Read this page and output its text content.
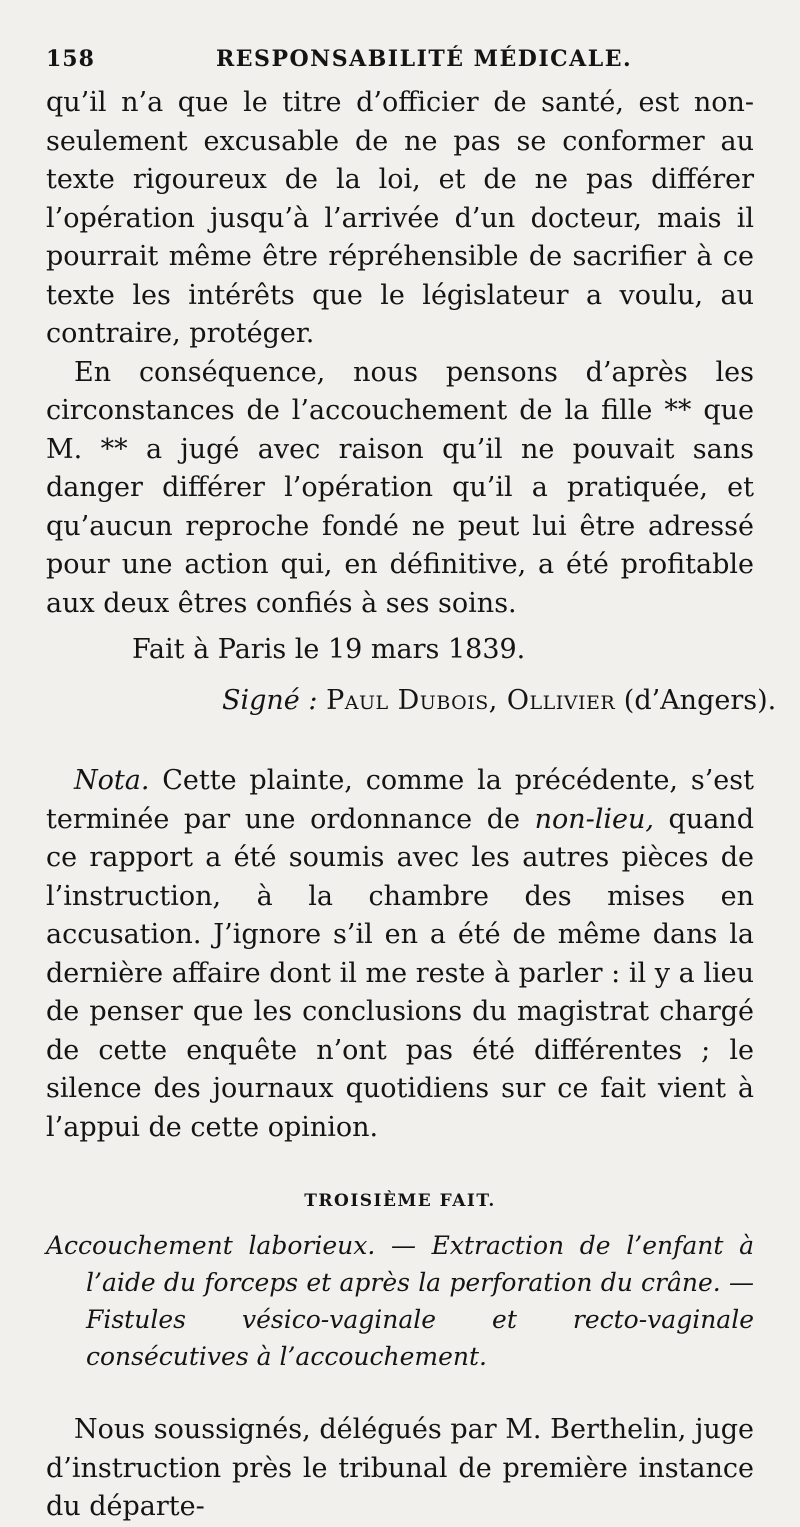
158	RESPONSABILITÉ MÉDICALE.

qu’il n’a que le titre d’officier de santé, est non-seulement excusable de ne pas se conformer au texte rigoureux de la loi, et de ne pas différer l’opération jusqu’à l’arrivée d’un docteur, mais il pourrait même être répréhensible de sacrifier à ce texte les intérêts que le législateur a voulu, au contraire, protéger.

En conséquence, nous pensons d’après les circonstances de l’accouchement de la fille ** que M. ** a jugé avec raison qu’il ne pouvait sans danger différer l’opération qu’il a pratiquée, et qu’aucun reproche fondé ne peut lui être adressé pour une action qui, en définitive, a été profitable aux deux êtres confiés à ses soins.

Fait à Paris le 19 mars 1839.
Signé : Paul Dubois, Ollivier (d’Angers).

Nota. Cette plainte, comme la précédente, s’est terminée par une ordonnance de non-lieu, quand ce rapport a été soumis avec les autres pièces de l’instruction, à la chambre des mises en accusation. J’ignore s’il en a été de même dans la dernière affaire dont il me reste à parler : il y a lieu de penser que les conclusions du magistrat chargé de cette enquête n’ont pas été différentes ; le silence des journaux quotidiens sur ce fait vient à l’appui de cette opinion.

TROISIÈME FAIT.

Accouchement laborieux. — Extraction de l’enfant à l’aide du forceps et après la perforation du crâne. — Fistules vésico-vaginale et recto-vaginale consécutives à l’accouchement.

Nous soussignés, délégués par M. Berthelin, juge d’instruction près le tribunal de première instance du départe-
